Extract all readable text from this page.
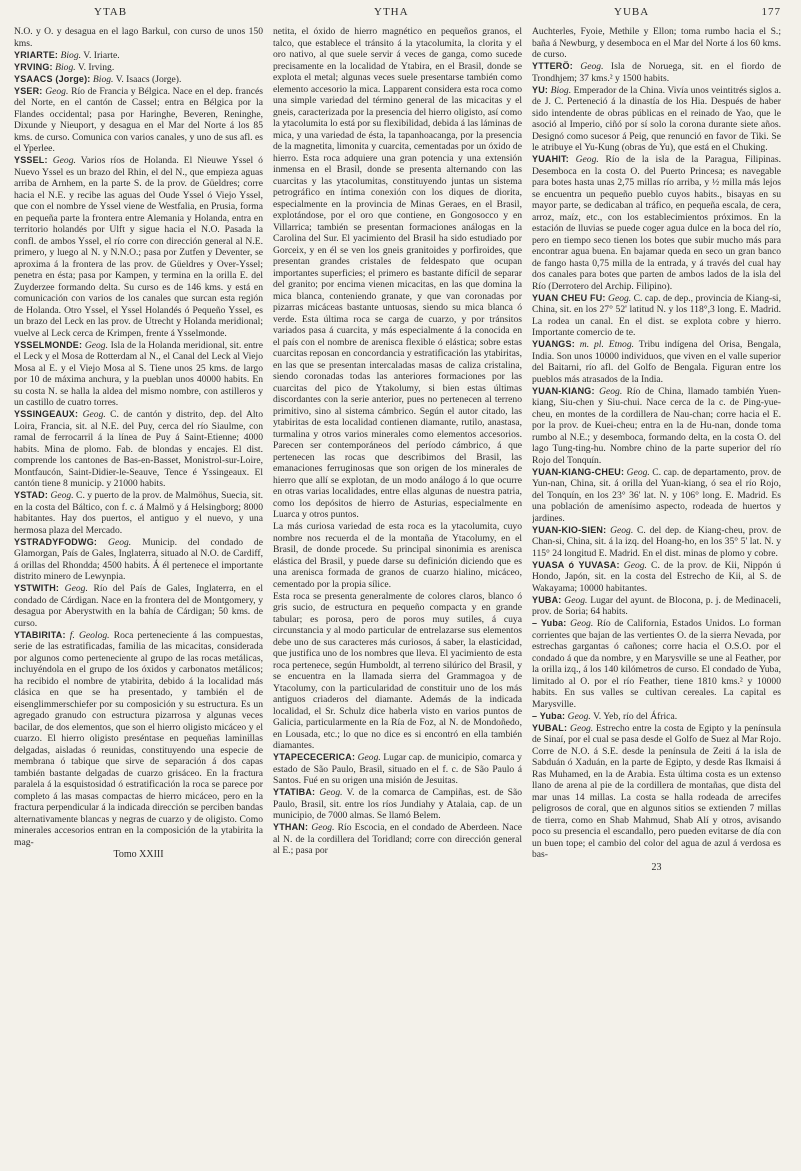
YTAB	YTHA	YUBA	177

N.O. y O. y desagua en el lago Barkul, con curso de unos 150 kms.

YRIARTE: Biog. V. Iriarte.

YRVING: Biog. V. Irving.

YSAACS (Jorge): Biog. V. Isaacs (Jorge).

YSER: Geog. Río de Francia y Bélgica. Nace en el dep. francés del Norte, en el cantón de Cassel; entra en Bélgica por la Flandes occidental; pasa por Haringhe, Beveren, Reninghe, Dixunde y Nieuport, y desagua en el Mar del Norte á los 85 kms. de curso. Comunica con varios canales, y uno de sus afl. es el Yperlee.

YSSEL: Geog. Varios ríos de Holanda. El Nieuwe Yssel ó Nuevo Yssel es un brazo del Rhin, el del N., que empieza aguas arriba de Arnhem, en la parte S. de la prov. de Güeldres; corre hacia el N.E. y recibe las aguas del Oude Yssel ó Viejo Yssel, que con el nombre de Yssel viene de Westfalia, en Prusia, forma en pequeña parte la frontera entre Alemania y Holanda, entra en territorio holandés por Ulft y sigue hacia el N.O. Pasada la confl. de ambos Yssel, el río corre con dirección general al N.E. primero, y luego al N. y N.N.O.; pasa por Zutfen y Deventer, se aproxima á la frontera de las prov. de Güeldres y Over-Yssel; penetra en ésta; pasa por Kampen, y termina en la orilla E. del Zuyderzee formando delta. Su curso es de 146 kms. y está en comunicación con varios de los canales que surcan esta región de Holanda. Otro Yssel, el Yssel Holandés ó Pequeño Yssel, es un brazo del Leck en las prov. de Utrecht y Holanda meridional; vuelve al Leck cerca de Krimpen, frente á Ysselmonde.

YSSELMONDE: Geog. Isla de la Holanda meridional, sit. entre el Leck y el Mosa de Rotterdam al N., el Canal del Leck al Viejo Mosa al E. y el Viejo Mosa al S. Tiene unos 25 kms. de largo por 10 de máxima anchura, y la pueblan unos 40000 habits. En su costa N. se halla la aldea del mismo nombre, con astilleros y un castillo de cuatro torres.

YSSINGEAUX: Geog. C. de cantón y distrito, dep. del Alto Loira, Francia, sit. al N.E. del Puy, cerca del río Siaulme, con ramal de ferrocarril á la línea de Puy á Saint-Etienne; 4000 habits. Mina de plomo. Fab. de blondas y encajes. El dist. comprende los cantones de Bas-en-Basset, Monistrol-sur-Loire, Montfaucón, Saint-Didier-le-Seauve, Tence é Yssingeaux. El cantón tiene 8 municip. y 21000 habits.

YSTAD: Geog. C. y puerto de la prov. de Malmöhus, Suecia, sit. en la costa del Báltico, con f. c. á Malmö y á Helsingborg; 8000 habitantes. Hay dos puertos, el antiguo y el nuevo, y una hermosa plaza del Mercado.

YSTRADYFODWG: Geog. Municip. del condado de Glamorgan, País de Gales, Inglaterra, situado al N.O. de Cardiff, á orillas del Rhondda; 4500 habits. Á él pertenece el importante distrito minero de Lewynpia.

YSTWITH: Geog. Río del País de Gales, Inglaterra, en el condado de Cárdigan. Nace en la frontera del de Montgomery, y desagua por Aberystwith en la bahía de Cárdigan; 50 kms. de curso.

YTABIRITA: f. Geolog. Roca perteneciente á las compuestas, serie de las estratificadas, familia de las micacitas, considerada por algunos como perteneciente al grupo de las rocas metálicas, incluyéndola en el grupo de los óxidos y carbonatos metálicos; ha recibido el nombre de ytabirita, debido á la localidad más clásica en que se ha presentado, y también el de eisenglimmerschiefer por su composición y su estructura. Es un agregado granudo con estructura pizarrosa y algunas veces bacilar, de dos elementos, que son el hierro oligisto micáceo y el cuarzo. El hierro oligisto preséntase en pequeñas laminillas delgadas, aisladas ó reunidas, constituyendo una especie de membrana ó tabique que sirve de separación á dos capas también bastante delgadas de cuarzo grisáceo. En la fractura paralela á la esquistosidad ó estratificación la roca se parece por completo á las masas compactas de hierro micáceo, pero en la fractura perpendicular á la indicada dirección se perciben bandas alternativamente blancas y negras de cuarzo y de oligisto. Como minerales accesorios entran en la composición de la ytabirita la mag-

Tomo XXIII

netita, el óxido de hierro magnético en pequeños granos, el talco, que establece el tránsito á la ytacolumita, la clorita y el oro nativo, al que suele servir á veces de ganga, como sucede precisamente en la localidad de Ytabira, en el Brasil, donde se explota el metal; algunas veces suele presentarse también como elemento accesorio la mica. Lapparent considera esta roca como una simple variedad del término general de las micacitas y el gneis, caracterizada por la presencia del hierro oligisto, así como la ytacolumita lo está por su flexibilidad, debida á las láminas de mica, y una variedad de ésta, la tapanhoacanga, por la presencia de la magnetita, limonita y cuarcita, cementadas por un óxido de hierro. Esta roca adquiere una gran potencia y una extensión inmensa en el Brasil, donde se presenta alternando con las cuarcitas y las ytacolumitas, constituyendo juntas un sistema petrográfico en íntima conexión con los diques de diorita, especialmente en la provincia de Minas Geraes, en el Brasil, explotándose, por el oro que contiene, en Gongosocco y en Villarrica; también se presentan formaciones análogas en la Carolina del Sur. El yacimiento del Brasil ha sido estudiado por Gorceix, y en él se ven los gneis granitoides y porfiroides, que presentan grandes cristales de feldespato que ocupan importantes superficies; el primero es bastante difícil de separar del granito; por encima vienen micacitas, en las que domina la mica blanca, conteniendo granate, y que van coronadas por pizarras micáceas bastante untuosas, siendo su mica blanca ó verde. Esta última roca se carga de cuarzo, y por tránsitos variados pasa á cuarcita, y más especialmente á la conocida en el país con el nombre de arenisca flexible ó elástica; sobre estas cuarcitas reposan en concordancia y estratificación las ytabiritas, en las que se presentan intercaladas masas de caliza cristalina, siendo coronadas todas las anteriores formaciones por las cuarcitas del pico de Ytakolumy, si bien estas últimas discordantes con la serie anterior, pues no pertenecen al terreno primitivo, sino al sistema cámbrico. Según el autor citado, las ytabiritas de esta localidad contienen diamante, rutilo, anastasa, turmalina y otros varios minerales como elementos accesorios. Parecen ser contemporáneos del período cámbrico, á que pertenecen las rocas que describimos del Brasil, las emanaciones ferruginosas que son origen de los minerales de hierro que allí se explotan, de un modo análogo á lo que ocurre en otras varias localidades, entre ellas algunas de nuestra patria, como los depósitos de hierro de Asturias, especialmente en Luarca y otros puntos.

La más curiosa variedad de esta roca es la ytacolumita, cuyo nombre nos recuerda el de la montaña de Ytacolumy, en el Brasil, de donde procede. Su principal sinonimia es arenisca elástica del Brasil, y puede darse su definición diciendo que es una arenisca formada de granos de cuarzo hialino, micáceo, cementado por la propia sílice.

Esta roca se presenta generalmente de colores claros, blanco ó gris sucio, de estructura en pequeño compacta y en grande tabular; es porosa, pero de poros muy sutiles, á cuya circunstancia y al modo particular de entrelazarse sus elementos debe uno de sus caracteres más curiosos, á saber, la elasticidad, que justifica uno de los nombres que lleva. El yacimiento de esta roca pertenece, según Humboldt, al terreno silúrico del Brasil, y se encuentra en la llamada sierra del Grammagoa y de Ytacolumy, con la particularidad de constituir uno de los más antiguos criaderos del diamante. Además de la indicada localidad, el Sr. Schulz dice haberla visto en varios puntos de Galicia, particularmente en la Ría de Foz, al N. de Mondoñedo, en Lousada, etc.; lo que no dice es si encontró en ella también diamantes.

YTAPECECERICA: Geog. Lugar cap. de municipio, comarca y estado de São Paulo, Brasil, situado en el f. c. de São Paulo á Santos. Fué en su origen una misión de Jesuitas.

YTATIBA: Geog. V. de la comarca de Campiñas, est. de São Paulo, Brasil, sit. entre los ríos Jundiahy y Atalaia, cap. de un municipio, de 7000 almas. Se llamó Belem.

YTHAN: Geog. Río Escocia, en el condado de Aberdeen. Nace al N. de la cordillera del Toridland; corre con dirección general al E.; pasa por

Auchterles, Fyoie, Methile y Ellon; toma rumbo hacia el S.; baña á Newburg, y desemboca en el Mar del Norte á los 60 kms. de curso.

YTTERÖ: Geog. Isla de Noruega, sit. en el fiordo de Trondhjem; 37 kms.² y 1500 habits.

YU: Biog. Emperador de la China. Vivía unos veintitrés siglos a. de J. C. Perteneció á la dinastía de los Hia. Después de haber sido intendente de obras públicas en el reinado de Yao, que le asoció al Imperio, ciñó por sí solo la corona durante siete años. Designó como sucesor á Peig, que renunció en favor de Tiki. Se le atribuye el Yu-Kung (obras de Yu), que está en el Chuking.

YUAHIT: Geog. Río de la isla de la Paragua, Filipinas. Desemboca en la costa O. del Puerto Princesa; es navegable para botes hasta unas 2,75 millas río arriba, y ½ milla más lejos se encuentra un pequeño pueblo cuyos habits., bisayas en su mayor parte, se dedicaban al tráfico, en pequeña escala, de cera, arroz, maíz, etc., con los establecimientos próximos. En la estación de lluvias se puede coger agua dulce en la boca del río, pero en tiempo seco tienen los botes que subir mucho más para encontrar agua buena. En bajamar queda en seco un gran banco de fango hasta 0,75 milla de la entrada, y á través del cual hay dos canales para botes que parten de ambos lados de la isla del Río (Derrotero del Archip. Filipino).

YUAN CHEU FU: Geog. C. cap. de dep., provincia de Kiang-si, China, sit. en los 27° 52' latitud N. y los 118°,3 long. E. Madrid. La rodea un canal. En el dist. se explota cobre y hierro. Importante comercio de te.

YUANGS: m. pl. Etnog. Tribu indígena del Orisa, Bengala, India. Son unos 10000 individuos, que viven en el valle superior del Baitarni, río afl. del Golfo de Bengala. Figuran entre los pueblos más atrasados de la India.

YUAN-KIANG: Geog. Río de China, llamado también Yuen-kiang, Siu-chen y Siu-chui. Nace cerca de la c. de Ping-yue-cheu, en montes de la cordillera de Nau-chan; corre hacia el E. por la prov. de Kuei-cheu; entra en la de Hu-nan, donde toma rumbo al N.E.; y desemboca, formando delta, en la costa O. del lago Tung-ting-hu. Nombre chino de la parte superior del río Rojo del Tonquín.

YUAN-KIANG-CHEU: Geog. C. cap. de departamento, prov. de Yun-nan, China, sit. á orilla del Yuan-kiang, ó sea el río Rojo, del Tonquín, en los 23° 36' lat. N. y 106° long. E. Madrid. Es una población de amenísimo aspecto, rodeada de huertos y jardines.

YUAN-KIO-SIEN: Geog. C. del dep. de Kiang-cheu, prov. de Chan-si, China, sit. á la izq. del Hoang-ho, en los 35° 5' lat. N. y 115° 24 longitud E. Madrid. En el dist. minas de plomo y cobre.

YUASA ó YUVASA: Geog. C. de la prov. de Kii, Nippón ú Hondo, Japón, sit. en la costa del Estrecho de Kii, al S. de Wakayama; 10000 habitantes.

YUBA: Geog. Lugar del ayunt. de Blocona, p. j. de Medinaceli, prov. de Soria; 64 habits.

– Yuba: Geog. Río de California, Estados Unidos. Lo forman corrientes que bajan de las vertientes O. de la sierra Nevada, por estrechas gargantas ó cañones; corre hacia el O.S.O. por el condado á que da nombre, y en Marysville se une al Feather, por la orilla izq., á los 140 kilómetros de curso. El condado de Yuba, limitado al O. por el río Feather, tiene 1810 kms.² y 10000 habits. En sus valles se cultivan cereales. La capital es Marysville.

– Yuba: Geog. V. Yeb, río del África.

YUBAL: Geog. Estrecho entre la costa de Egipto y la península de Sinaí, por el cual se pasa desde el Golfo de Suez al Mar Rojo. Corre de N.O. á S.E. desde la península de Zeiti á la isla de Sabduán ó Xaduán, en la parte de Egipto, y desde Ras Ikmaisi á Ras Muhamed, en la de Arabia. Esta última costa es un extenso llano de arena al pie de la cordillera de montañas, que dista del mar unas 14 millas. La costa se halla rodeada de arrecifes peligrosos de coral, que en algunos sitios se extienden 7 millas de tierra, como en Shab Mahmud, Shab Alí y otros, avisando poco su presencia el escandallo, pero pueden evitarse de día con un buen tope; el cambio del color del agua de azul á verdosa es bas-

23
